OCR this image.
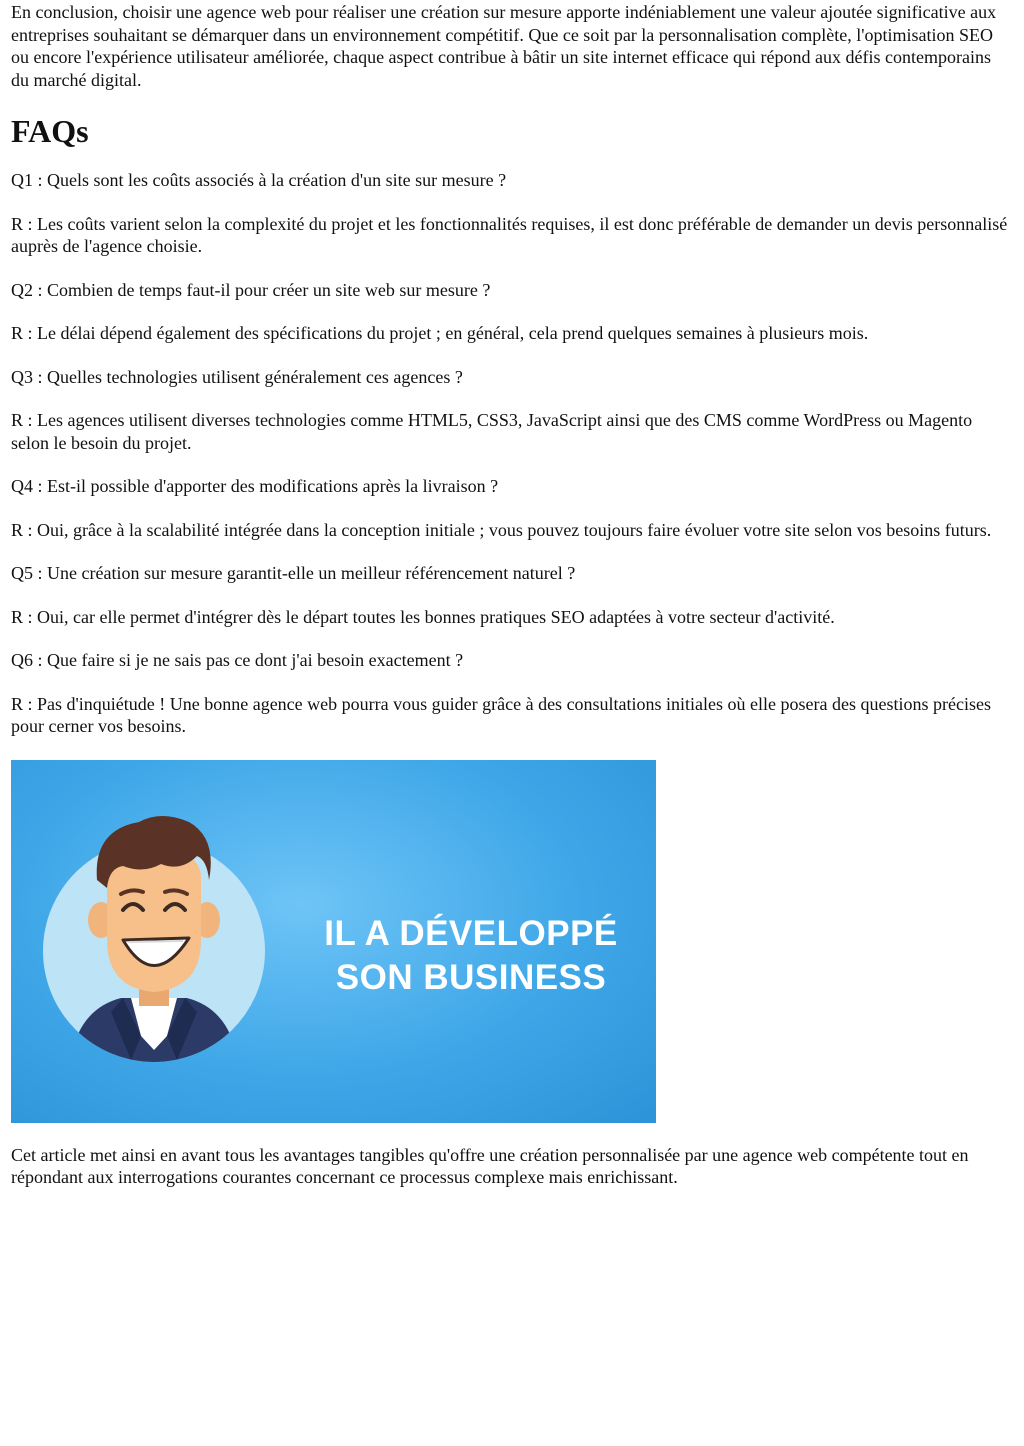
En conclusion, choisir une agence web pour réaliser une création sur mesure apporte indéniablement une valeur ajoutée significative aux entreprises souhaitant se démarquer dans un environnement compétitif. Que ce soit par la personnalisation complète, l'optimisation SEO ou encore l'expérience utilisateur améliorée, chaque aspect contribue à bâtir un site internet efficace qui répond aux défis contemporains du marché digital.

FAQs

Q1 : Quels sont les coûts associés à la création d'un site sur mesure ?

R : Les coûts varient selon la complexité du projet et les fonctionnalités requises, il est donc préférable de demander un devis personnalisé auprès de l'agence choisie.

Q2 : Combien de temps faut-il pour créer un site web sur mesure ?

R : Le délai dépend également des spécifications du projet ; en général, cela prend quelques semaines à plusieurs mois.

Q3 : Quelles technologies utilisent généralement ces agences ?

R : Les agences utilisent diverses technologies comme HTML5, CSS3, JavaScript ainsi que des CMS comme WordPress ou Magento selon le besoin du projet.

Q4 : Est-il possible d'apporter des modifications après la livraison ?

R : Oui, grâce à la scalabilité intégrée dans la conception initiale ; vous pouvez toujours faire évoluer votre site selon vos besoins futurs.

Q5 : Une création sur mesure garantit-elle un meilleur référencement naturel ?

R : Oui, car elle permet d'intégrer dès le départ toutes les bonnes pratiques SEO adaptées à votre secteur d'activité.

Q6 : Que faire si je ne sais pas ce dont j'ai besoin exactement ?

R : Pas d'inquiétude ! Une bonne agence web pourra vous guider grâce à des consultations initiales où elle posera des questions précises pour cerner vos besoins.

IL A DÉVELOPPÉ
SON BUSINESS

Cet article met ainsi en avant tous les avantages tangibles qu'offre une création personnalisée par une agence web compétente tout en répondant aux interrogations courantes concernant ce processus complexe mais enrichissant.
